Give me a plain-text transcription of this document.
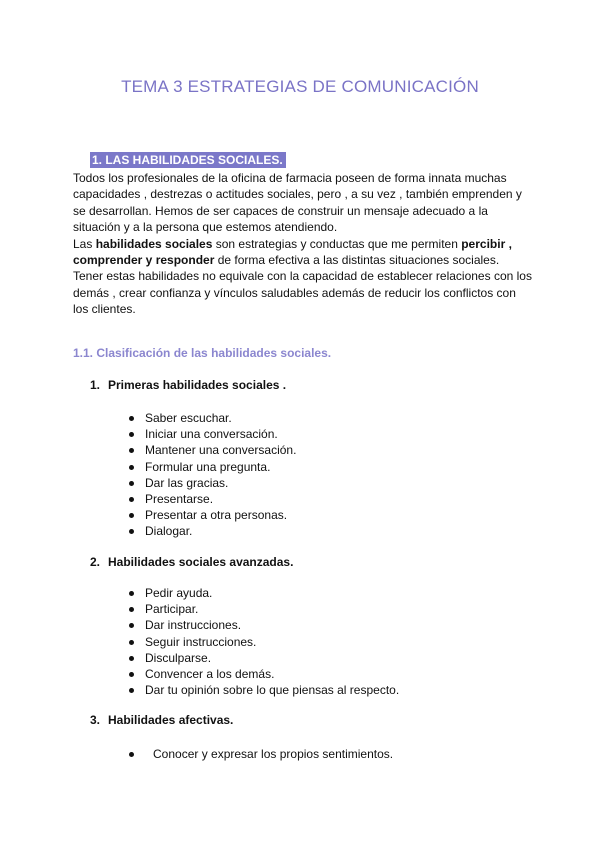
TEMA 3 ESTRATEGIAS DE COMUNICACIÓN
1. LAS HABILIDADES SOCIALES.

Todos los profesionales de la oficina de farmacia poseen de forma innata muchas capacidades , destrezas o actitudes sociales, pero , a su vez , también emprenden y se desarrollan. Hemos de ser capaces de construir un mensaje adecuado a la situación y a la persona que estemos atendiendo.

Las habilidades sociales son estrategias y conductas que me permiten percibir , comprender y responder de forma efectiva a las distintas situaciones sociales.

Tener estas habilidades no equivale con la capacidad de establecer relaciones con los demás , crear confianza y vínculos saludables además de reducir los conflictos con los clientes.

1.1. Clasificación de las habilidades sociales.
1. Primeras habilidades sociales .
Saber escuchar.
Iniciar una conversación.
Mantener una conversación.
Formular una pregunta.
Dar las gracias.
Presentarse.
Presentar a otra personas.
Dialogar.
2. Habilidades sociales avanzadas.
Pedir ayuda.
Participar.
Dar instrucciones.
Seguir instrucciones.
Disculparse.
Convencer a los demás.
Dar tu opinión sobre lo que piensas al respecto.
3. Habilidades afectivas.
Conocer y expresar los propios sentimientos.
